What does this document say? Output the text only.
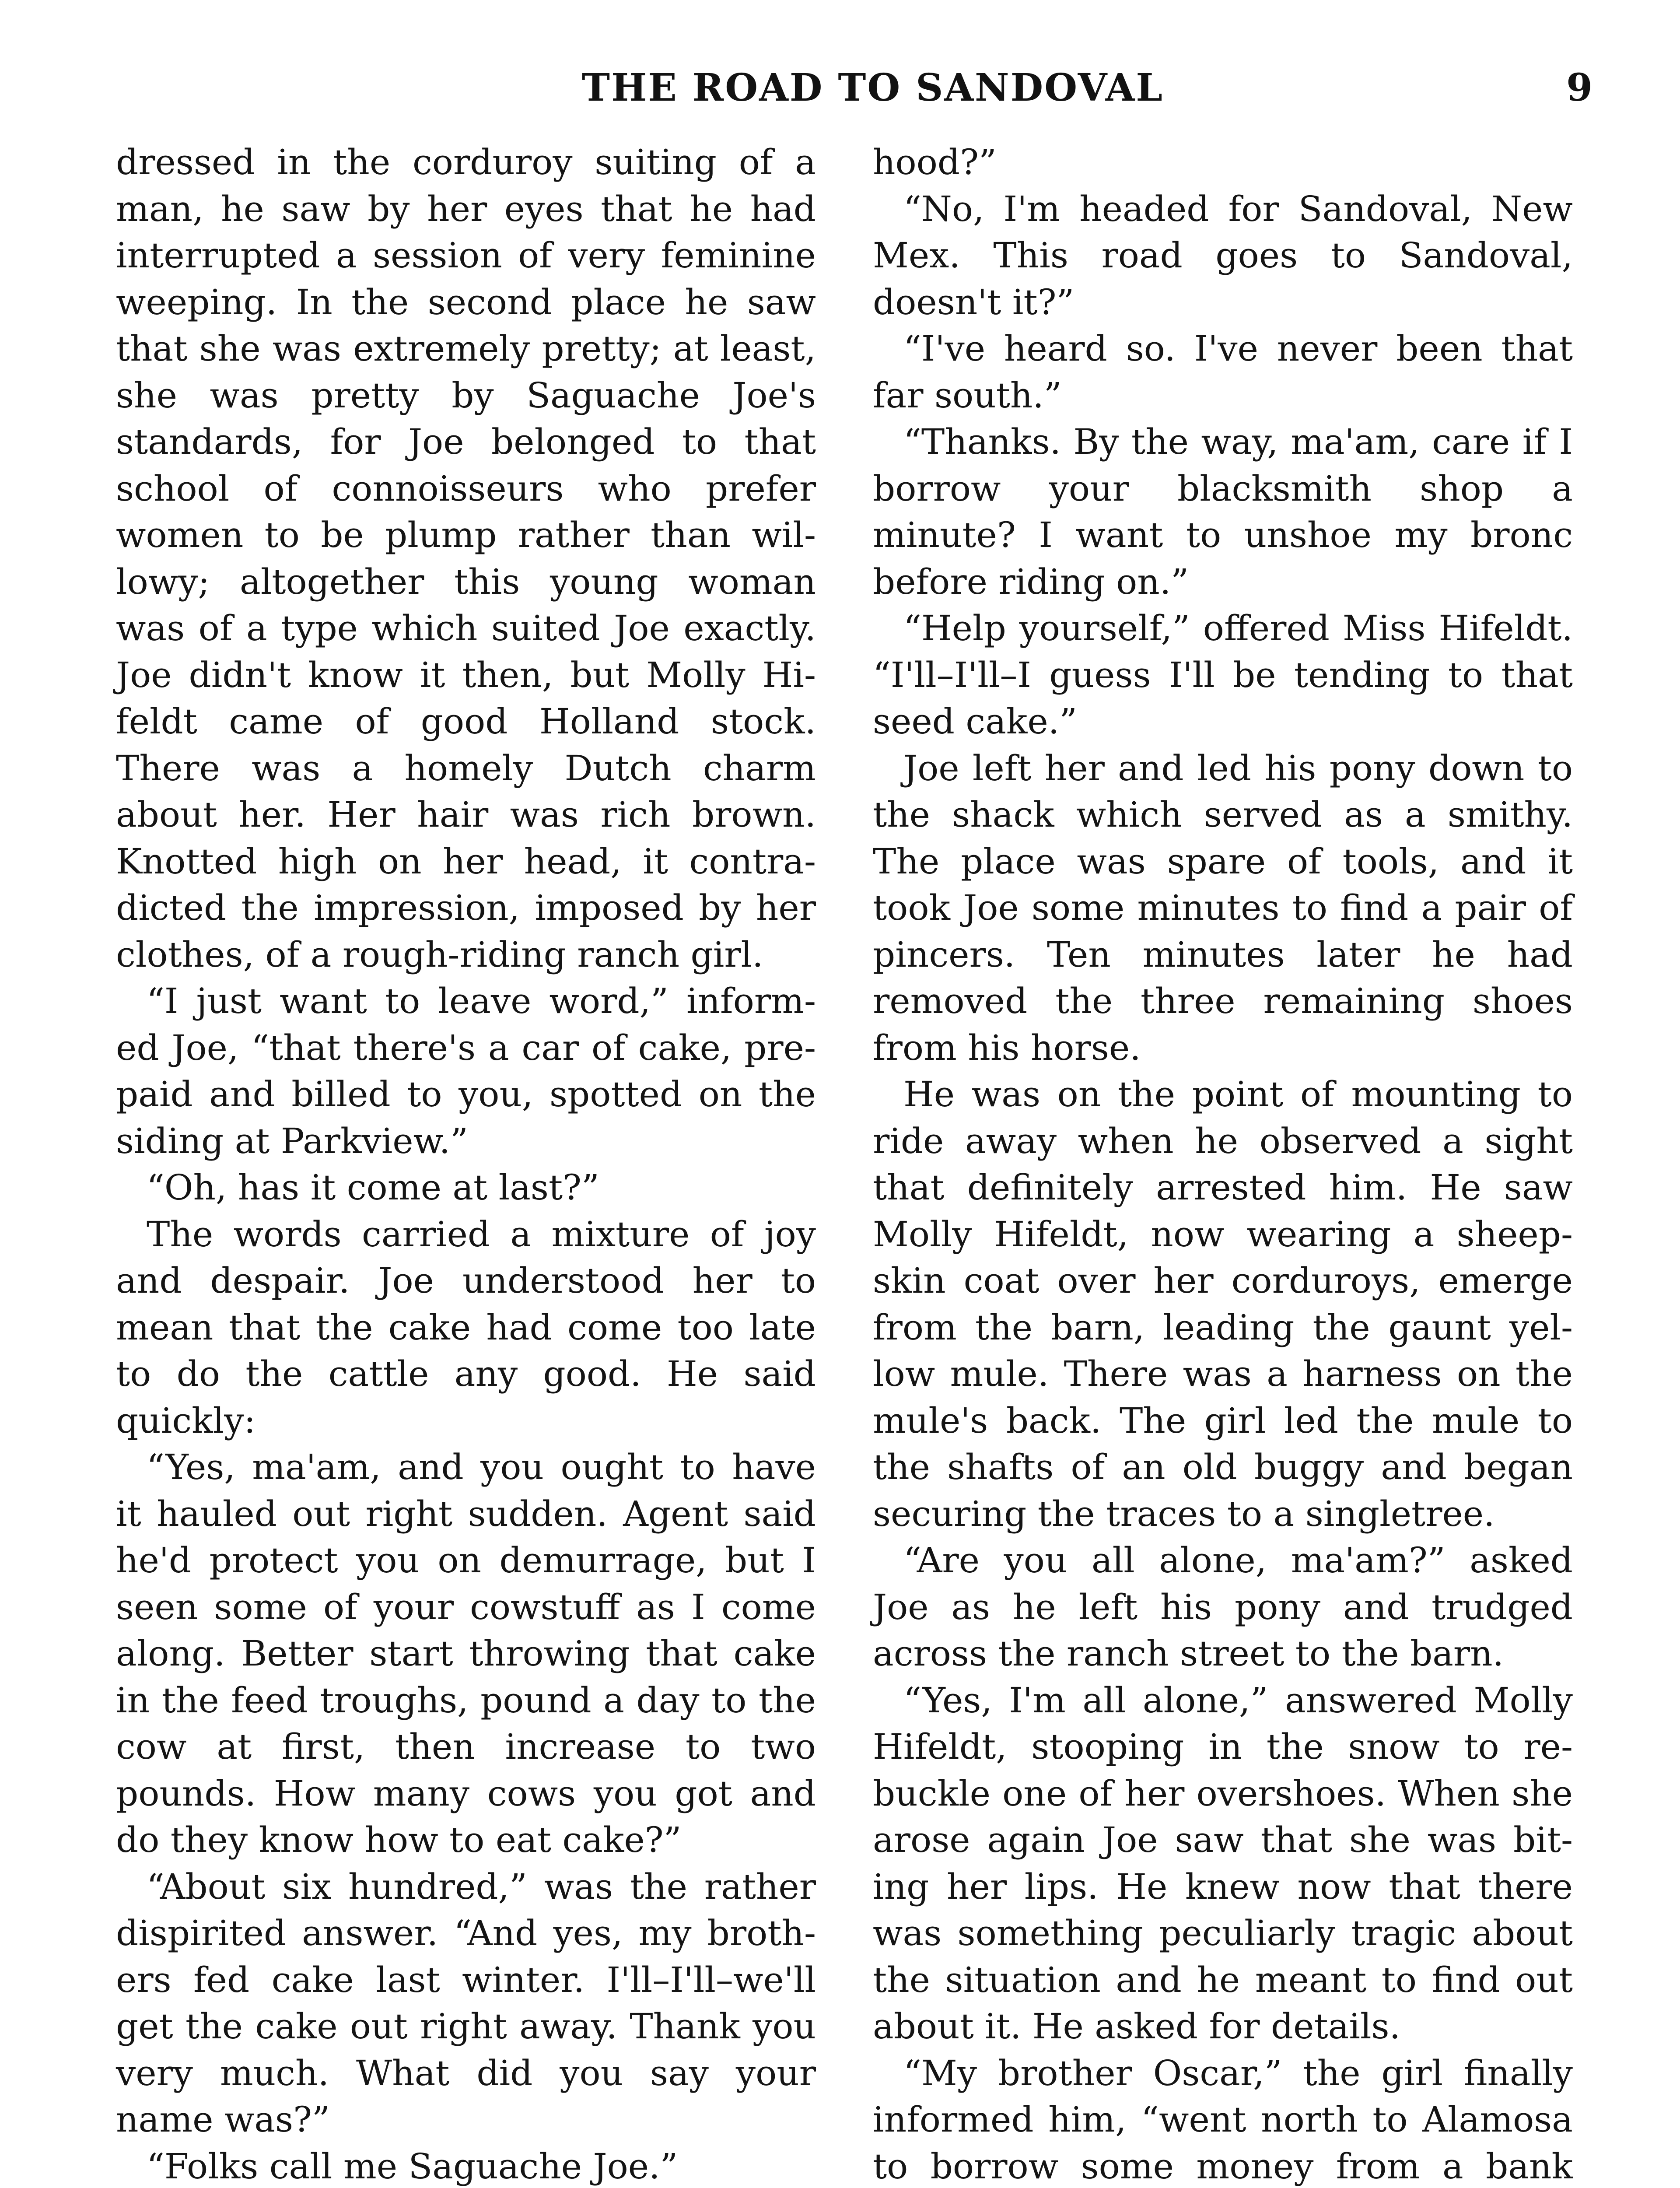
THE ROAD TO SANDOVAL	9

dressed in the corduroy suiting of a man, he saw by her eyes that he had interrupted a session of very feminine weeping. In the second place he saw that she was extremely pretty; at least, she was pretty by Saguache Joe's standards, for Joe belonged to that school of connoisseurs who prefer women to be plump rather than wil-lowy; altogether this young woman was of a type which suited Joe exactly. Joe didn't know it then, but Molly Hi-feldt came of good Holland stock. There was a homely Dutch charm about her. Her hair was rich brown. Knotted high on her head, it contra-dicted the impression, imposed by her clothes, of a rough-riding ranch girl.

“I just want to leave word,” inform-ed Joe, “that there's a car of cake, pre-paid and billed to you, spotted on the siding at Parkview.”

“Oh, has it come at last?”

The words carried a mixture of joy and despair. Joe understood her to mean that the cake had come too late to do the cattle any good. He said quickly:

“Yes, ma'am, and you ought to have it hauled out right sudden. Agent said he'd protect you on demurrage, but I seen some of your cowstuff as I come along. Better start throwing that cake in the feed troughs, pound a day to the cow at first, then increase to two pounds. How many cows you got and do they know how to eat cake?”

“About six hundred,” was the rather dispirited answer. “And yes, my broth-ers fed cake last winter. I'll–I'll–we'll get the cake out right away. Thank you very much. What did you say your name was?”

“Folks call me Saguache Joe.”

hood?”

“No, I'm headed for Sandoval, New Mex. This road goes to Sandoval, doesn't it?”

“I've heard so. I've never been that far south.”

“Thanks. By the way, ma'am, care if I borrow your blacksmith shop a minute? I want to unshoe my bronc before riding on.”

“Help yourself,” offered Miss Hifeldt. “I'll–I'll–I guess I'll be tending to that seed cake.”

Joe left her and led his pony down to the shack which served as a smithy. The place was spare of tools, and it took Joe some minutes to find a pair of pincers. Ten minutes later he had removed the three remaining shoes from his horse.

He was on the point of mounting to ride away when he observed a sight that definitely arrested him. He saw Molly Hifeldt, now wearing a sheep-skin coat over her corduroys, emerge from the barn, leading the gaunt yel-low mule. There was a harness on the mule's back. The girl led the mule to the shafts of an old buggy and began securing the traces to a singletree.

“Are you all alone, ma'am?” asked Joe as he left his pony and trudged across the ranch street to the barn.

“Yes, I'm all alone,” answered Molly Hifeldt, stooping in the snow to re-buckle one of her overshoes. When she arose again Joe saw that she was bit-ing her lips. He knew now that there was something peculiarly tragic about the situation and he meant to find out about it. He asked for details.

“My brother Oscar,” the girl finally informed him, “went north to Alamosa to borrow some money from a bank
